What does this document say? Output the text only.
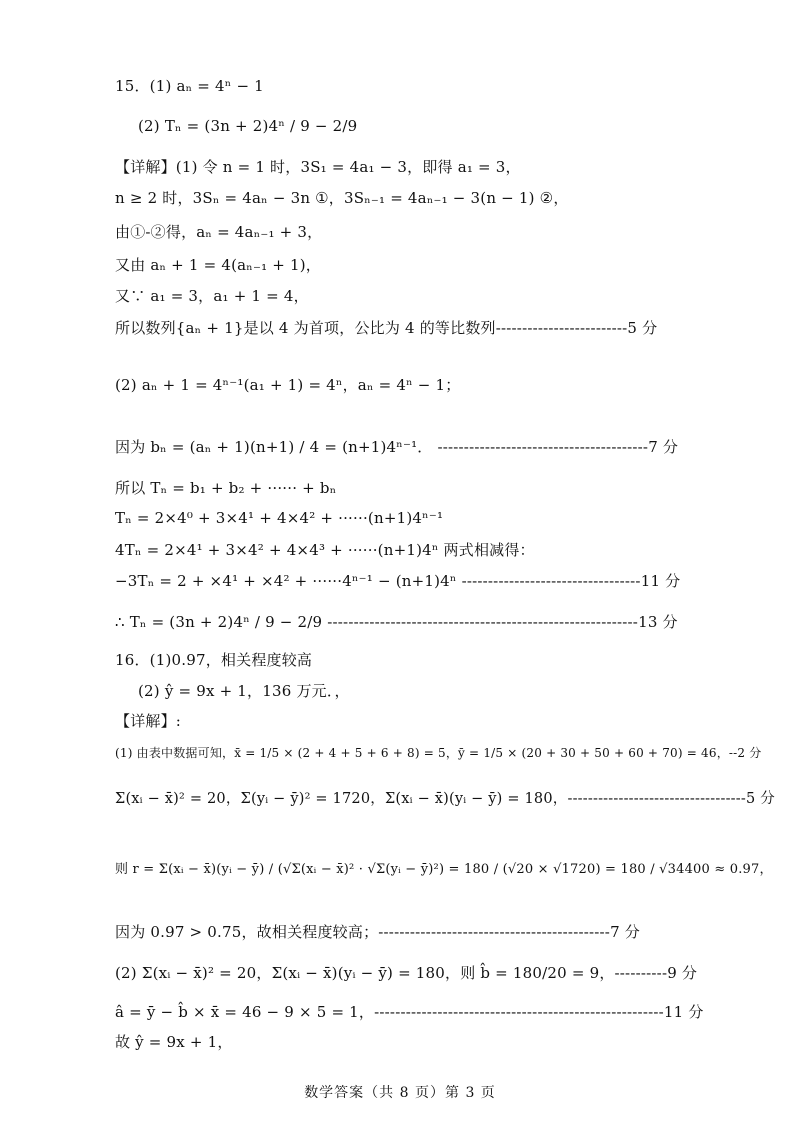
15．(1) aₙ = 4ⁿ − 1
(2) Tₙ = (3n + 2)4ⁿ / 9 − 2/9
【详解】(1) 令 n = 1 时，3S₁ = 4a₁ − 3，即得 a₁ = 3，
n ≥ 2 时，3Sₙ = 4aₙ − 3n ①，3Sₙ₋₁ = 4aₙ₋₁ − 3(n − 1) ②，
由①-②得，aₙ = 4aₙ₋₁ + 3，
又由 aₙ + 1 = 4(aₙ₋₁ + 1)，
又∵ a₁ = 3，a₁ + 1 = 4，
所以数列{aₙ + 1}是以 4 为首项，公比为 4 的等比数列-------------------------5 分
(2) aₙ + 1 = 4ⁿ⁻¹(a₁ + 1) = 4ⁿ，aₙ = 4ⁿ − 1；
因为 bₙ = (aₙ + 1)(n+1) / 4 = (n+1)4ⁿ⁻¹． ----------------------------------------7 分
所以 Tₙ = b₁ + b₂ + ······ + bₙ
Tₙ = 2×4⁰ + 3×4¹ + 4×4² + ······(n+1)4ⁿ⁻¹
4Tₙ = 2×4¹ + 3×4² + 4×4³ + ······(n+1)4ⁿ 两式相减得：
−3Tₙ = 2 + ×4¹ + ×4² + ······4ⁿ⁻¹ − (n+1)4ⁿ ----------------------------------11 分
∴ Tₙ = (3n + 2)4ⁿ / 9 − 2/9 -----------------------------------------------------------13 分
16．(1)0.97，相关程度较高
(2) ŷ = 9x + 1，136 万元．，
【详解】:
(1) 由表中数据可知，x̄ = 1/5 × (2 + 4 + 5 + 6 + 8) = 5，ȳ = 1/5 × (20 + 30 + 50 + 60 + 70) = 46，--2 分
Σ(xᵢ − x̄)² = 20，Σ(yᵢ − ȳ)² = 1720，Σ(xᵢ − x̄)(yᵢ − ȳ) = 180，-----------------------------------5 分
则 r = Σ(xᵢ − x̄)(yᵢ − ȳ) / (√Σ(xᵢ − x̄)² · √Σ(yᵢ − ȳ)²) = 180 / (√20 × √1720) = 180 / √34400 ≈ 0.97，
因为 0.97 > 0.75，故相关程度较高；--------------------------------------------7 分
(2) Σ(xᵢ − x̄)² = 20，Σ(xᵢ − x̄)(yᵢ − ȳ) = 180，则 b̂ = 180/20 = 9，----------9 分
â = ȳ − b̂ × x̄ = 46 − 9 × 5 = 1，-------------------------------------------------------11 分
故 ŷ = 9x + 1，
数学答案（共 8 页）第 3 页
